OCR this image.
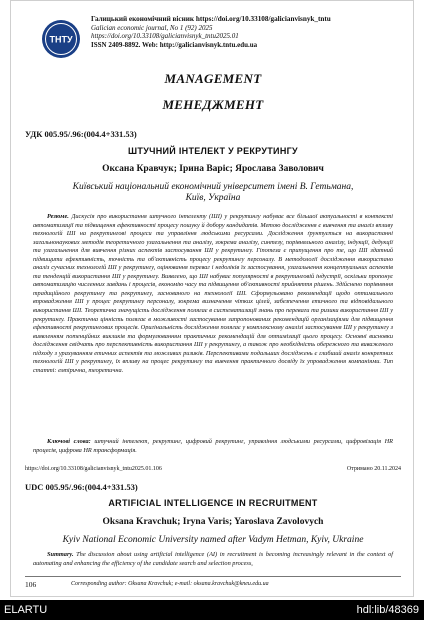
ТНТУ
Галицький економічний вісник https://doi.org/10.33108/galicianvisnyk_tntu
Galician economic journal, No 1 (92) 2025
https://doi.org/10.33108/galicianvisnyk_tntu2025.01
ISSN 2409-8892. Web: http://galicianvisnyk.tntu.edu.ua
MANAGEMENT
МЕНЕДЖМЕНТ
УДК 005.95/.96:(004.4+331.53)
ШТУЧНИЙ ІНТЕЛЕКТ У РЕКРУТИНГУ
Оксана Кравчук; Ірина Варіс; Ярослава Заволович
Київський національний економічний університет імені В. Гетьмана,
Київ, Україна
Резюме. Дискусія про використання штучного інтелекту (ШІ) у рекрутингу набуває все більшої актуальності в контексті автоматизації та підвищення ефективності процесу пошуку й добору кандидатів. Метою дослідження є вивчення та аналіз впливу технологій ШІ на рекрутингові процеси та управління людськими ресурсами. Дослідження ґрунтується на використанні загальнонаукових методів теоретичного узагальнення та аналізу, зокрема аналізу, синтезу, порівняльного аналізу, індукції, дедукції та узагальнення для вивчення різних аспектів застосування ШІ у рекрутингу. Гіпотеза є припущення про те, що ШІ здатний підвищити ефективність, точність та об'єктивність процесу рекрутингу персоналу. В методології дослідження використано аналіз сучасних технологій ШІ у рекрутингу, оцінювання переваг і недоліків їх застосування, узагальнення концептуальних аспектів та тенденцій використання ШІ у рекрутингу. Виявлено, що ШІ набуває популярності в рекрутинговій індустрії, оскільки пропонує автоматизацію численних завдань і процесів, економію часу та підвищення об'єктивності прийняття рішень. Здійснено порівняння традиційного рекрутингу та рекрутингу, заснованого на технології ШІ. Сформульовано рекомендації щодо оптимального впровадження ШІ у процес рекрутингу персоналу, зокрема визначення чітких цілей, забезпечення етичного та відповідального використання ШІ. Теоретична значущість дослідження полягає в систематизації знань про переваги та ризики використання ШІ у рекрутингу. Практична цінність полягає в можливості застосування запропонованих рекомендацій організаціями для підвищення ефективності рекрутингових процесів. Оригінальність дослідження полягає у комплексному аналізі застосування ШІ у рекрутингу з виявленням потенційних викликів та формулюванням практичних рекомендацій для оптимізації цього процесу. Основні висновки дослідження свідчать про перспективність використання ШІ у рекрутингу, а також про необхідність обережного та виваженого підходу з урахуванням етичних аспектів та можливих ризиків. Перспективами подальших досліджень є глибший аналіз конкретних технологій ШІ у рекрутингу, їх впливу на процес рекрутингу та вивчення практичного досвіду їх упровадження компаніями. Тип статті: емпірична, теоретична.
Ключові слова: штучний інтелект, рекрутинг, цифровий рекрутинг, управління людськими ресурсами, цифровізація HR процесів, цифрова HR трансформація.
https://doi.org/10.33108/galicianvisnyk_tntu2025.01.106	Отримано 20.11.2024
UDC 005.95/.96:(004.4+331.53)
ARTIFICIAL INTELLIGENCE IN RECRUITMENT
Oksana Kravchuk; Iryna Varis; Yaroslava Zavolovych
Kyiv National Economic University named after Vadym Hetman, Kyiv, Ukraine
Summary. The discussion about using artificial intelligence (AI) in recruitment is becoming increasingly relevant in the context of automating and enhancing the efficiency of the candidate search and selection process,
106	Corresponding author: Oksana Kravchuk; e-mail: oksana.kravchuk@kneu.edu.ua
ELARTU	hdl:lib/48369
